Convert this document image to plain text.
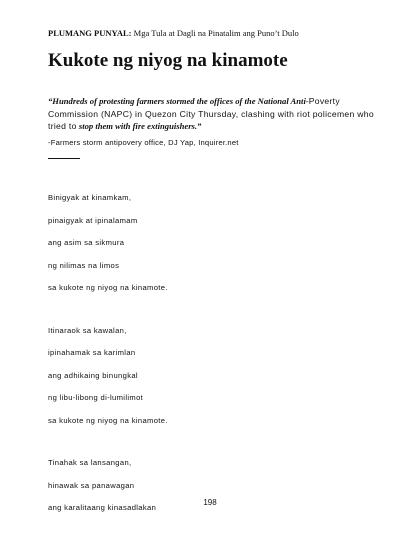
PLUMANG PUNYAL: Mga Tula at Dagli na Pinatalim ang Puno’t Dulo
Kukote ng niyog na kinamote
“Hundreds of protesting farmers stormed the offices of the National Anti-Poverty Commission (NAPC) in Quezon City Thursday, clashing with riot policemen who tried to stop them with fire extinguishers.”
-Farmers storm antipovery office, DJ Yap, Inquirer.net
Binigyak at kinamkam,
pinaigyak at ipinalamam
ang asim sa sikmura
ng nilimas na limos
sa kukote ng niyog na kinamote.
Itinaraok sa kawalan,
ipinahamak sa karimlan
ang adhikaing binungkal
ng libu-libong di-lumilimot
sa kukote ng niyog na kinamote.
Tinahak sa lansangan,
hinawak sa panawagan
ang karalitaang kinasadlakan
198
